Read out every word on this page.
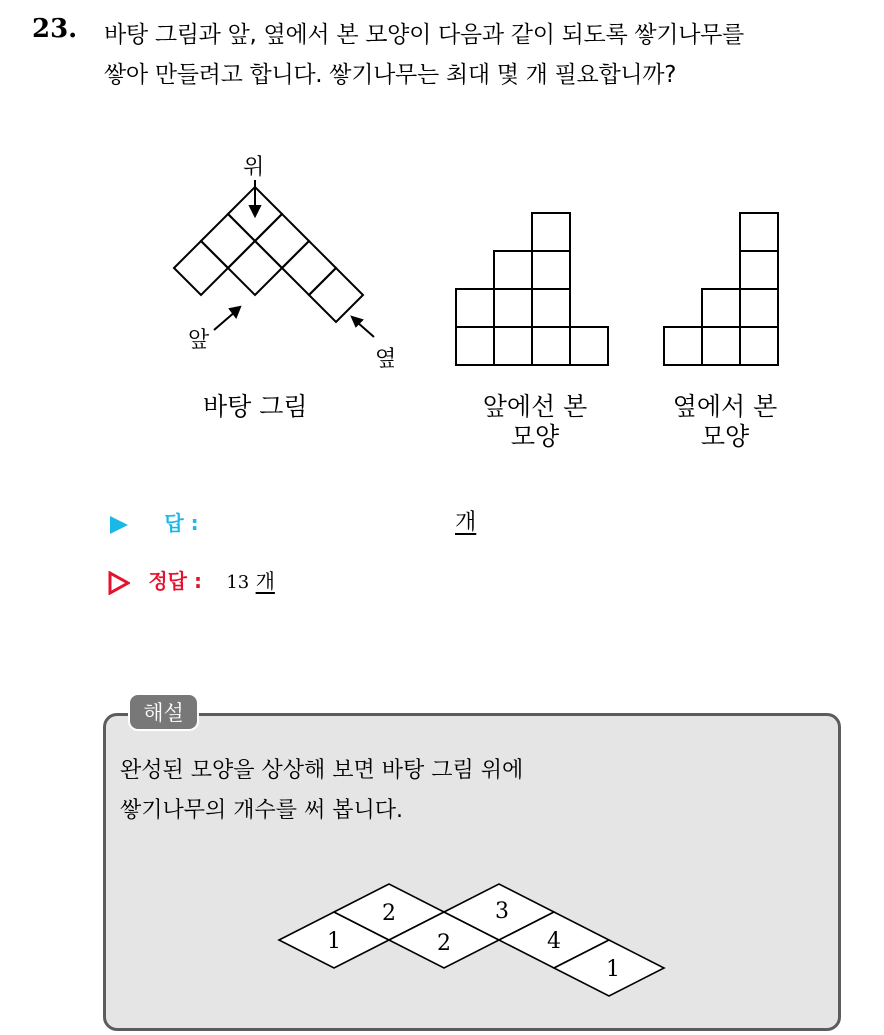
23. 바탕 그림과 앞, 옆에서 본 모양이 다음과 같이 되도록 쌓기나무를
쌓아 만들려고 합니다. 쌓기나무는 최대 몇 개 필요합니까?
위
앞
옆
바탕 그림	앞에선 본
모양
옆에서 본
모양
답 :	개
정답 : 13 개
해설
완성된 모양을 상상해 보면 바탕 그림 위에
쌓기나무의 개수를 써 봅니다.
1
2
2
3
4
1
